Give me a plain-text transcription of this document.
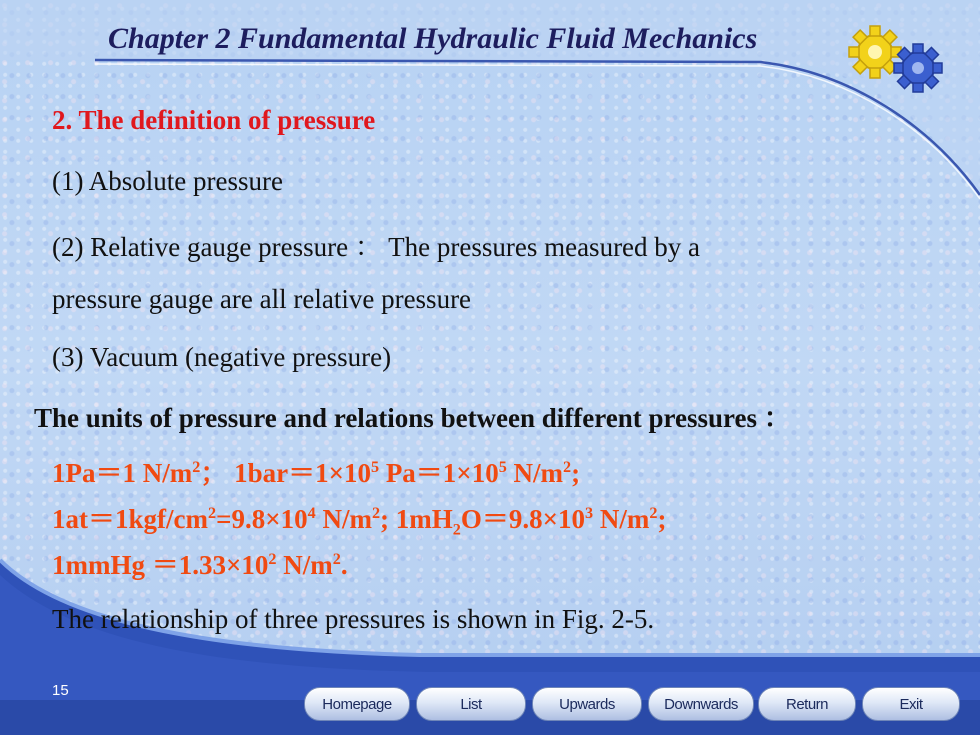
Chapter 2 Fundamental Hydraulic Fluid Mechanics
2. The definition of pressure
(1) Absolute pressure
(2) Relative gauge pressure ： The pressures measured by a
pressure gauge are all relative pressure
(3) Vacuum (negative pressure)
The units of pressure and relations between different pressures ：
1Pa＝1 $N/m^2$； $1bar=1\times 10^5$ $Pa=1\times 10^5$ $N/m^2$;
$1at=1kgf/cm^2=9.8\times 10^4$ $N/m^2$; $1mH_2O=9.8\times 10^3$ $N/m^2$;
1mmHg $=1.33\times 10^2$ $N/m^2$.
The relationship of three pressures is shown in Fig. 2-5.
15
Homepage	List	Upwards	Downwards	Return	Exit
